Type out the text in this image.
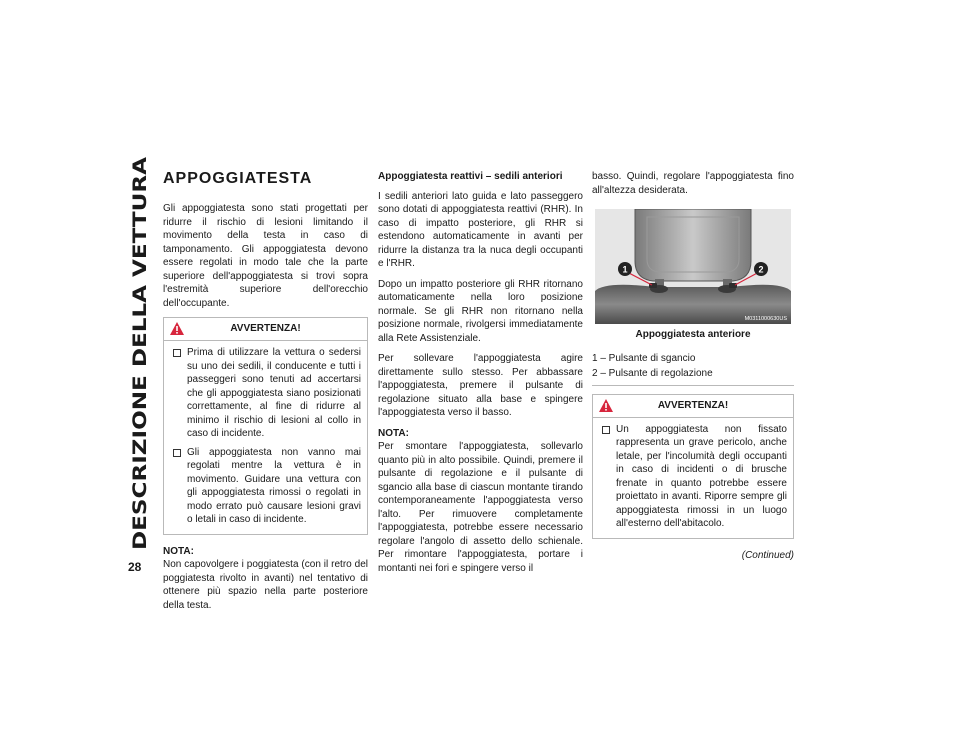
DESCRIZIONE DELLA VETTURA
28
APPOGGIATESTA

Gli appoggiatesta sono stati progettati per ridurre il rischio di lesioni limitando il movimento della testa in caso di tamponamento. Gli appoggiatesta devono essere regolati in modo tale che la parte superiore dell'appoggiatesta si trovi sopra l'estremità superiore dell'orecchio dell'occupante.

AVVERTENZA!
Prima di utilizzare la vettura o sedersi su uno dei sedili, il conducente e tutti i passeggeri sono tenuti ad accertarsi che gli appoggiatesta siano posizionati correttamente, al fine di ridurre al minimo il rischio di lesioni al collo in caso di incidente.
Gli appoggiatesta non vanno mai regolati mentre la vettura è in movimento. Guidare una vettura con gli appoggiatesta rimossi o regolati in modo errato può causare lesioni gravi o letali in caso di incidente.
NOTA:

Non capovolgere i poggiatesta (con il retro del poggiatesta rivolto in avanti) nel tentativo di ottenere più spazio nella parte posteriore della testa.

Appoggiatesta reattivi – sedili anteriori

I sedili anteriori lato guida e lato passeggero sono dotati di appoggiatesta reattivi (RHR). In caso di impatto posteriore, gli RHR si estendono automaticamente in avanti per ridurre la distanza tra la nuca degli occupanti e l'RHR.

Dopo un impatto posteriore gli RHR ritornano automaticamente nella loro posizione normale. Se gli RHR non ritornano nella posizione normale, rivolgersi immediatamente alla Rete Assistenziale.

Per sollevare l'appoggiatesta agire direttamente sullo stesso. Per abbassare l'appoggiatesta, premere il pulsante di regolazione situato alla base e spingere l'appoggiatesta verso il basso.

NOTA:

Per smontare l'appoggiatesta, sollevarlo quanto più in alto possibile. Quindi, premere il pulsante di regolazione e il pulsante di sgancio alla base di ciascun montante tirando contemporaneamente l'appoggiatesta verso l'alto. Per rimuovere completamente l'appoggiatesta, potrebbe essere necessario regolare l'angolo di assetto dello schienale. Per rimontare l'appoggiatesta, portare i montanti nei fori e spingere verso il

basso. Quindi, regolare l'appoggiatesta fino all'altezza desiderata.

1	2
M0311000630US
Appoggiatesta anteriore
1 – Pulsante di sgancio
2 – Pulsante di regolazione
AVVERTENZA!
Un appoggiatesta non fissato rappresenta un grave pericolo, anche letale, per l'incolumità degli occupanti in caso di incidenti o di brusche frenate in quanto potrebbe essere proiettato in avanti. Riporre sempre gli appoggiatesta rimossi in un luogo all'esterno dell'abitacolo.
(Continued)
